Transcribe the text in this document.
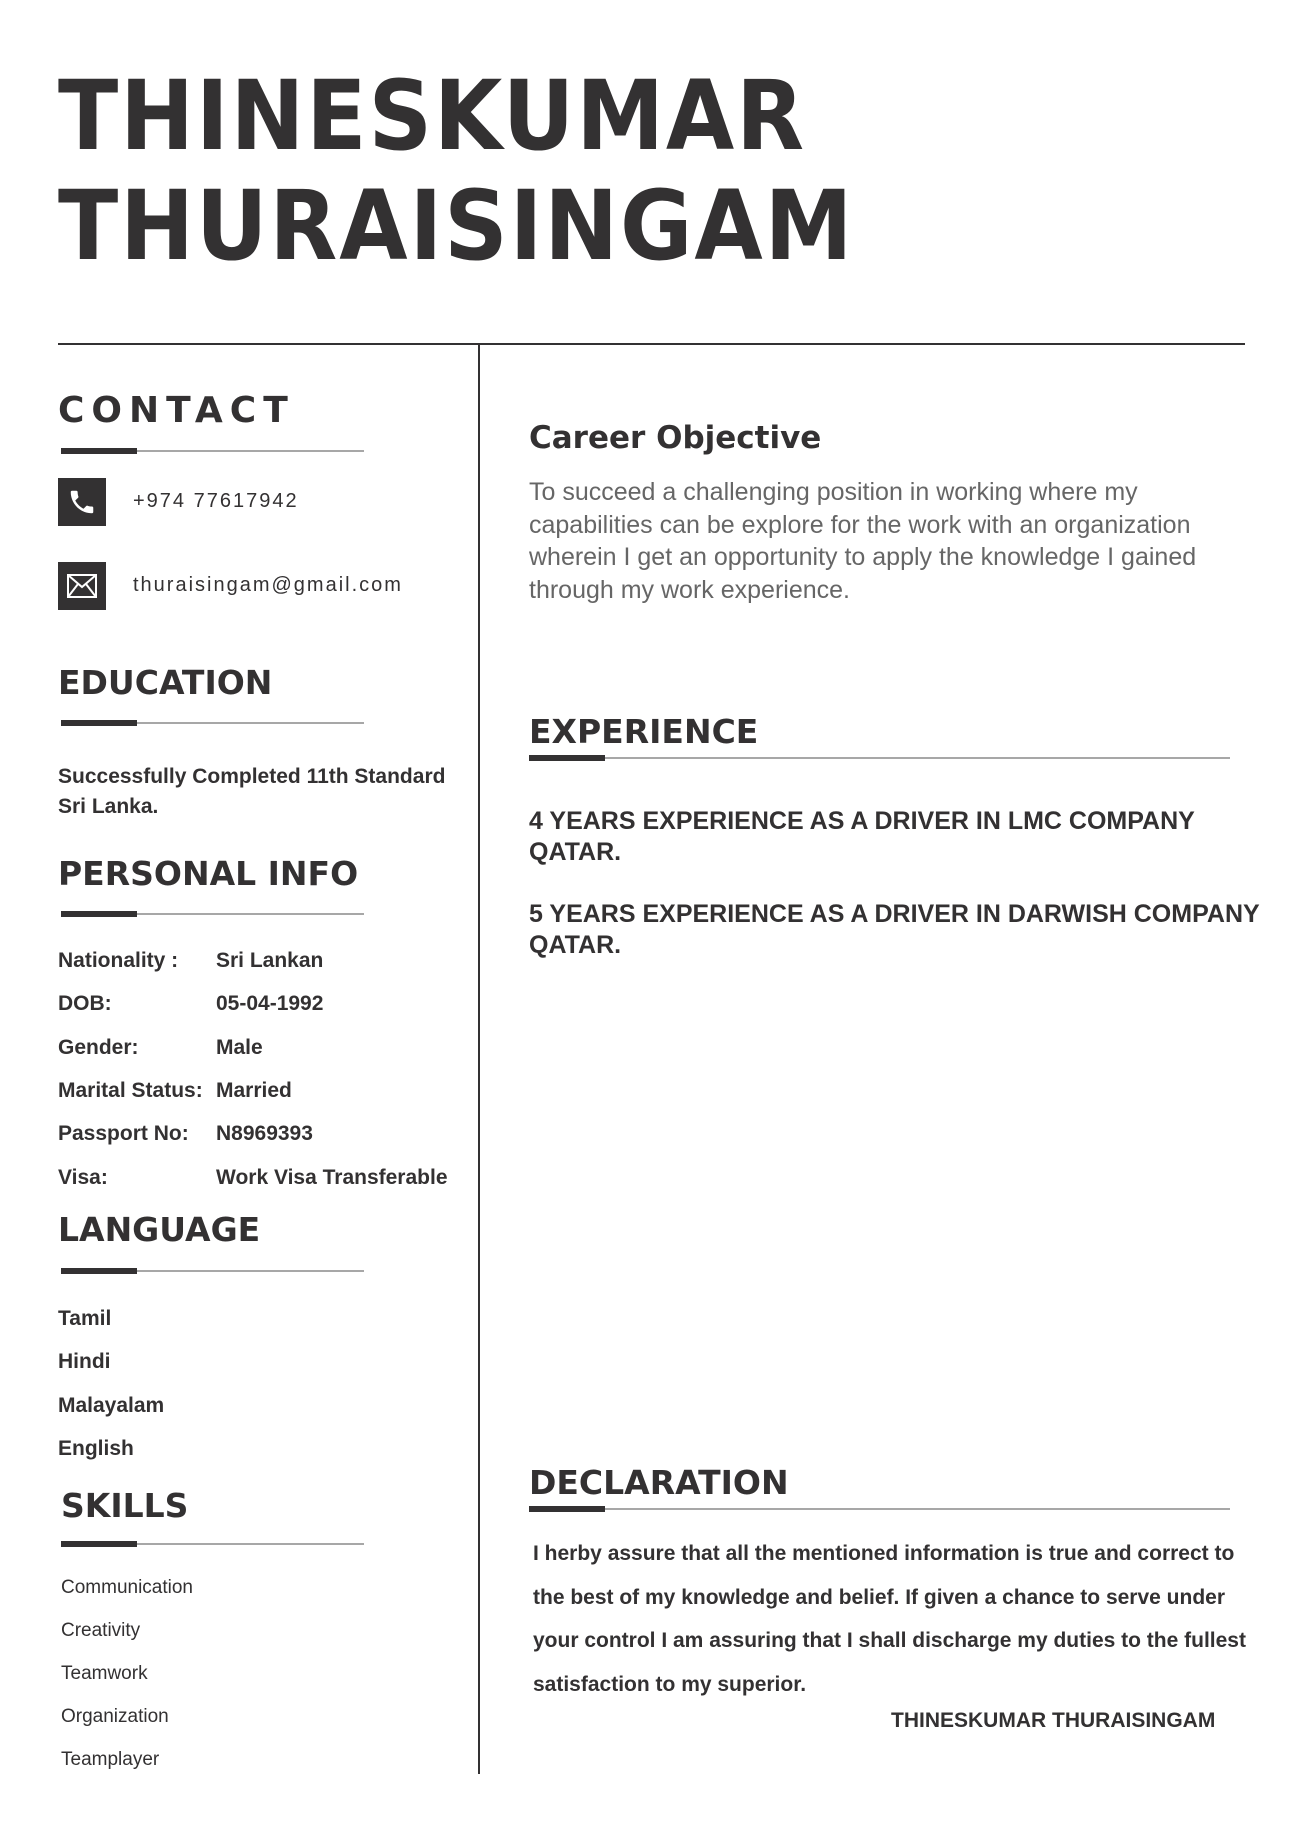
THINESKUMAR
THURAISINGAM
CONTACT
+974 77617942
thuraisingam@gmail.com
EDUCATION
Successfully Completed 11th Standard
Sri Lanka.
PERSONAL INFO
Nationality : Sri Lankan
DOB:	05-04-1992
Gender:	Male
Marital Status: Married
Passport No: N8969393
Visa:	Work Visa Transferable
LANGUAGE
Tamil
Hindi
Malayalam
English
SKILLS
Communication
Creativity
Teamwork
Organization
Teamplayer
Career Objective

To succeed a challenging position in working where my capabilities can be explore for the work with an organization wherein I get an opportunity to apply the knowledge I gained through my work experience.

EXPERIENCE

4 YEARS EXPERIENCE AS A DRIVER IN LMC COMPANY QATAR.

5 YEARS EXPERIENCE AS A DRIVER IN DARWISH COMPANY QATAR.

DECLARATION

I herby assure that all the mentioned information is true and correct to the best of my knowledge and belief. If given a chance to serve under your control I am assuring that I shall discharge my duties to the fullest satisfaction to my superior.

THINESKUMAR THURAISINGAM
